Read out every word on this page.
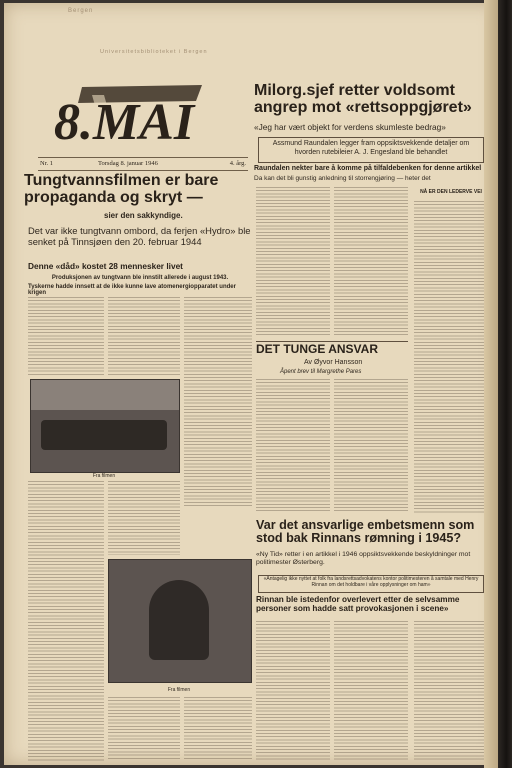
Bergen
Universitetsbiblioteket i Bergen
8.MAI
Nr. 1	Torsdag 8. januar 1946	4. årg.
Milorg.sjef retter voldsomt angrep mot «rettsoppgjøret»
«Jeg har vært objekt for verdens skumleste bedrag»
Assmund Raundalen legger fram oppsiktsvekkende detaljer om hvorden rutebileier A. J. Engesland ble behandlet
Raundalen nekter bare å komme på tilfaldebenken for denne artikkel
Da kan det bli gunstig anledning til storrengjøring — heter det
Tungtvannsfilmen er bare propaganda og skryt —
sier den sakkyndige.
Det var ikke tungtvann ombord, da ferjen «Hydro» ble senket på Tinnsjøen den 20. februar 1944
Denne «dåd» kostet 28 mennesker livet
Produksjonen av tungtvann ble innstilt allerede i august 1943.
Tyskerne hadde innsett at de ikke kunne lave atomenergiopparatet under krigen
Fra filmen
Fra filmen
DET TUNGE ANSVAR
Av Øyvor Hansson
Åpent brev til Margrethe Pares
NÅ ER DEN LEDERVE VEI
Var det ansvarlige embetsmenn som stod bak Rinnans rømning i 1945?
«Ny Tid» retter i en artikkel i 1946 oppsiktsvekkende beskyldninger mot politimester Østerberg.
«Antagelig ikke nyttet at folk fra landsrettsadvokatens kontor politimesteren å samtale med Henry Rinnan om det holdbare i våre opplysninger om ham»
Rinnan ble istedenfor overlevert etter de selvsamme personer som hadde satt provokasjonen i scene»
